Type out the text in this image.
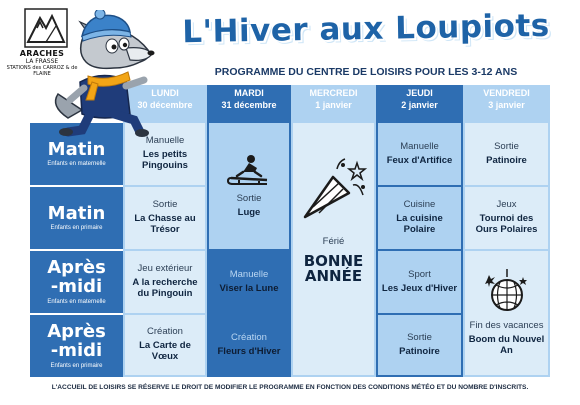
ARACHES
LA FRASSE
STATIONS des CARROZ & de FLAINE
L'Hiver aux Loupiots
PROGRAMME DU CENTRE DE LOISIRS POUR LES 3-12 ANS
LUNDI
30 décembre
MARDI
31 décembre
MERCREDI
1 janvier
JEUDI
2 janvier
VENDREDI
3 janvier
Matin
Enfants en maternelle
Matin
Enfants en primaire
Après
-midi
Enfants en maternelle
Après
-midi
Enfants en primaire
Manuelle
Les petits Pingouins
Sortie
La Chasse au Trésor
Jeu extérieur
A la recherche du Pingouin
Création
La Carte de Vœux
Sortie
Luge
Manuelle
Viser la Lune
Création
Fleurs d'Hiver
Férié
BONNE ANNÉE
Manuelle
Feux d'Artifice
Cuisine
La cuisine Polaire
Sport
Les Jeux d'Hiver
Sortie
Patinoire
Sortie
Patinoire
Jeux
Tournoi des Ours Polaires
Fin des vacances
Boom du Nouvel An
L'ACCUEIL DE LOISIRS SE RÉSERVE LE DROIT DE MODIFIER LE PROGRAMME EN FONCTION DES CONDITIONS MÉTÉO ET DU NOMBRE D'INSCRITS.
